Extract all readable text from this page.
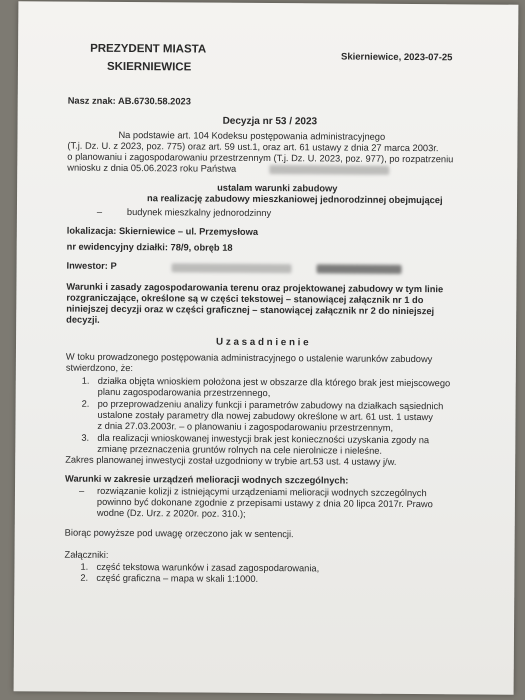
PREZYDENT MIASTA
SKIERNIEWICE
Skierniewice, 2023-07-25
Nasz znak: AB.6730.58.2023
Decyzja nr 53 / 2023
Na podstawie art. 104 Kodeksu postępowania administracyjnego
(T.j. Dz. U. z 2023, poz. 775) oraz art. 59 ust.1, oraz art. 61 ustawy z dnia 27 marca 2003r.
o planowaniu i zagospodarowaniu przestrzennym (T.j. Dz. U. 2023, poz. 977), po rozpatrzeniu
wniosku z dnia 05.06.2023 roku Państwa
ustalam warunki zabudowy
na realizację zabudowy mieszkaniowej jednorodzinnej obejmującej
–	budynek mieszkalny jednorodzinny
lokalizacja: Skierniewice – ul. Przemysłowa
nr ewidencyjny działki: 78/9, obręb 18
Inwestor: P
Warunki i zasady zagospodarowania terenu oraz projektowanej zabudowy w tym linie
rozgraniczające, określone są w części tekstowej – stanowiącej załącznik nr 1 do
niniejszej decyzji oraz w części graficznej – stanowiącej załącznik nr 2 do niniejszej
decyzji.
U z a s a d n i e n i e
W toku prowadzonego postępowania administracyjnego o ustalenie warunków zabudowy
stwierdzono, że:
1. działka objęta wnioskiem położona jest w obszarze dla którego brak jest miejscowego
planu zagospodarowania przestrzennego,
2. po przeprowadzeniu analizy funkcji i parametrów zabudowy na działkach sąsiednich
ustalone zostały parametry dla nowej zabudowy określone w art. 61 ust. 1 ustawy
z dnia 27.03.2003r. – o planowaniu i zagospodarowaniu przestrzennym,
3. dla realizacji wnioskowanej inwestycji brak jest konieczności uzyskania zgody na
zmianę przeznaczenia gruntów rolnych na cele nierolnicze i nieleśne.
Zakres planowanej inwestycji został uzgodniony w trybie art.53 ust. 4 ustawy j/w.
Warunki w zakresie urządzeń melioracji wodnych szczególnych:
– rozwiązanie kolizji z istniejącymi urządzeniami melioracji wodnych szczególnych
powinno być dokonane zgodnie z przepisami ustawy z dnia 20 lipca 2017r. Prawo
wodne (Dz. Urz. z 2020r. poz. 310.);
Biorąc powyższe pod uwagę orzeczono jak w sentencji.
Załączniki:
1. część tekstowa warunków i zasad zagospodarowania,
2. część graficzna – mapa w skali 1:1000.
